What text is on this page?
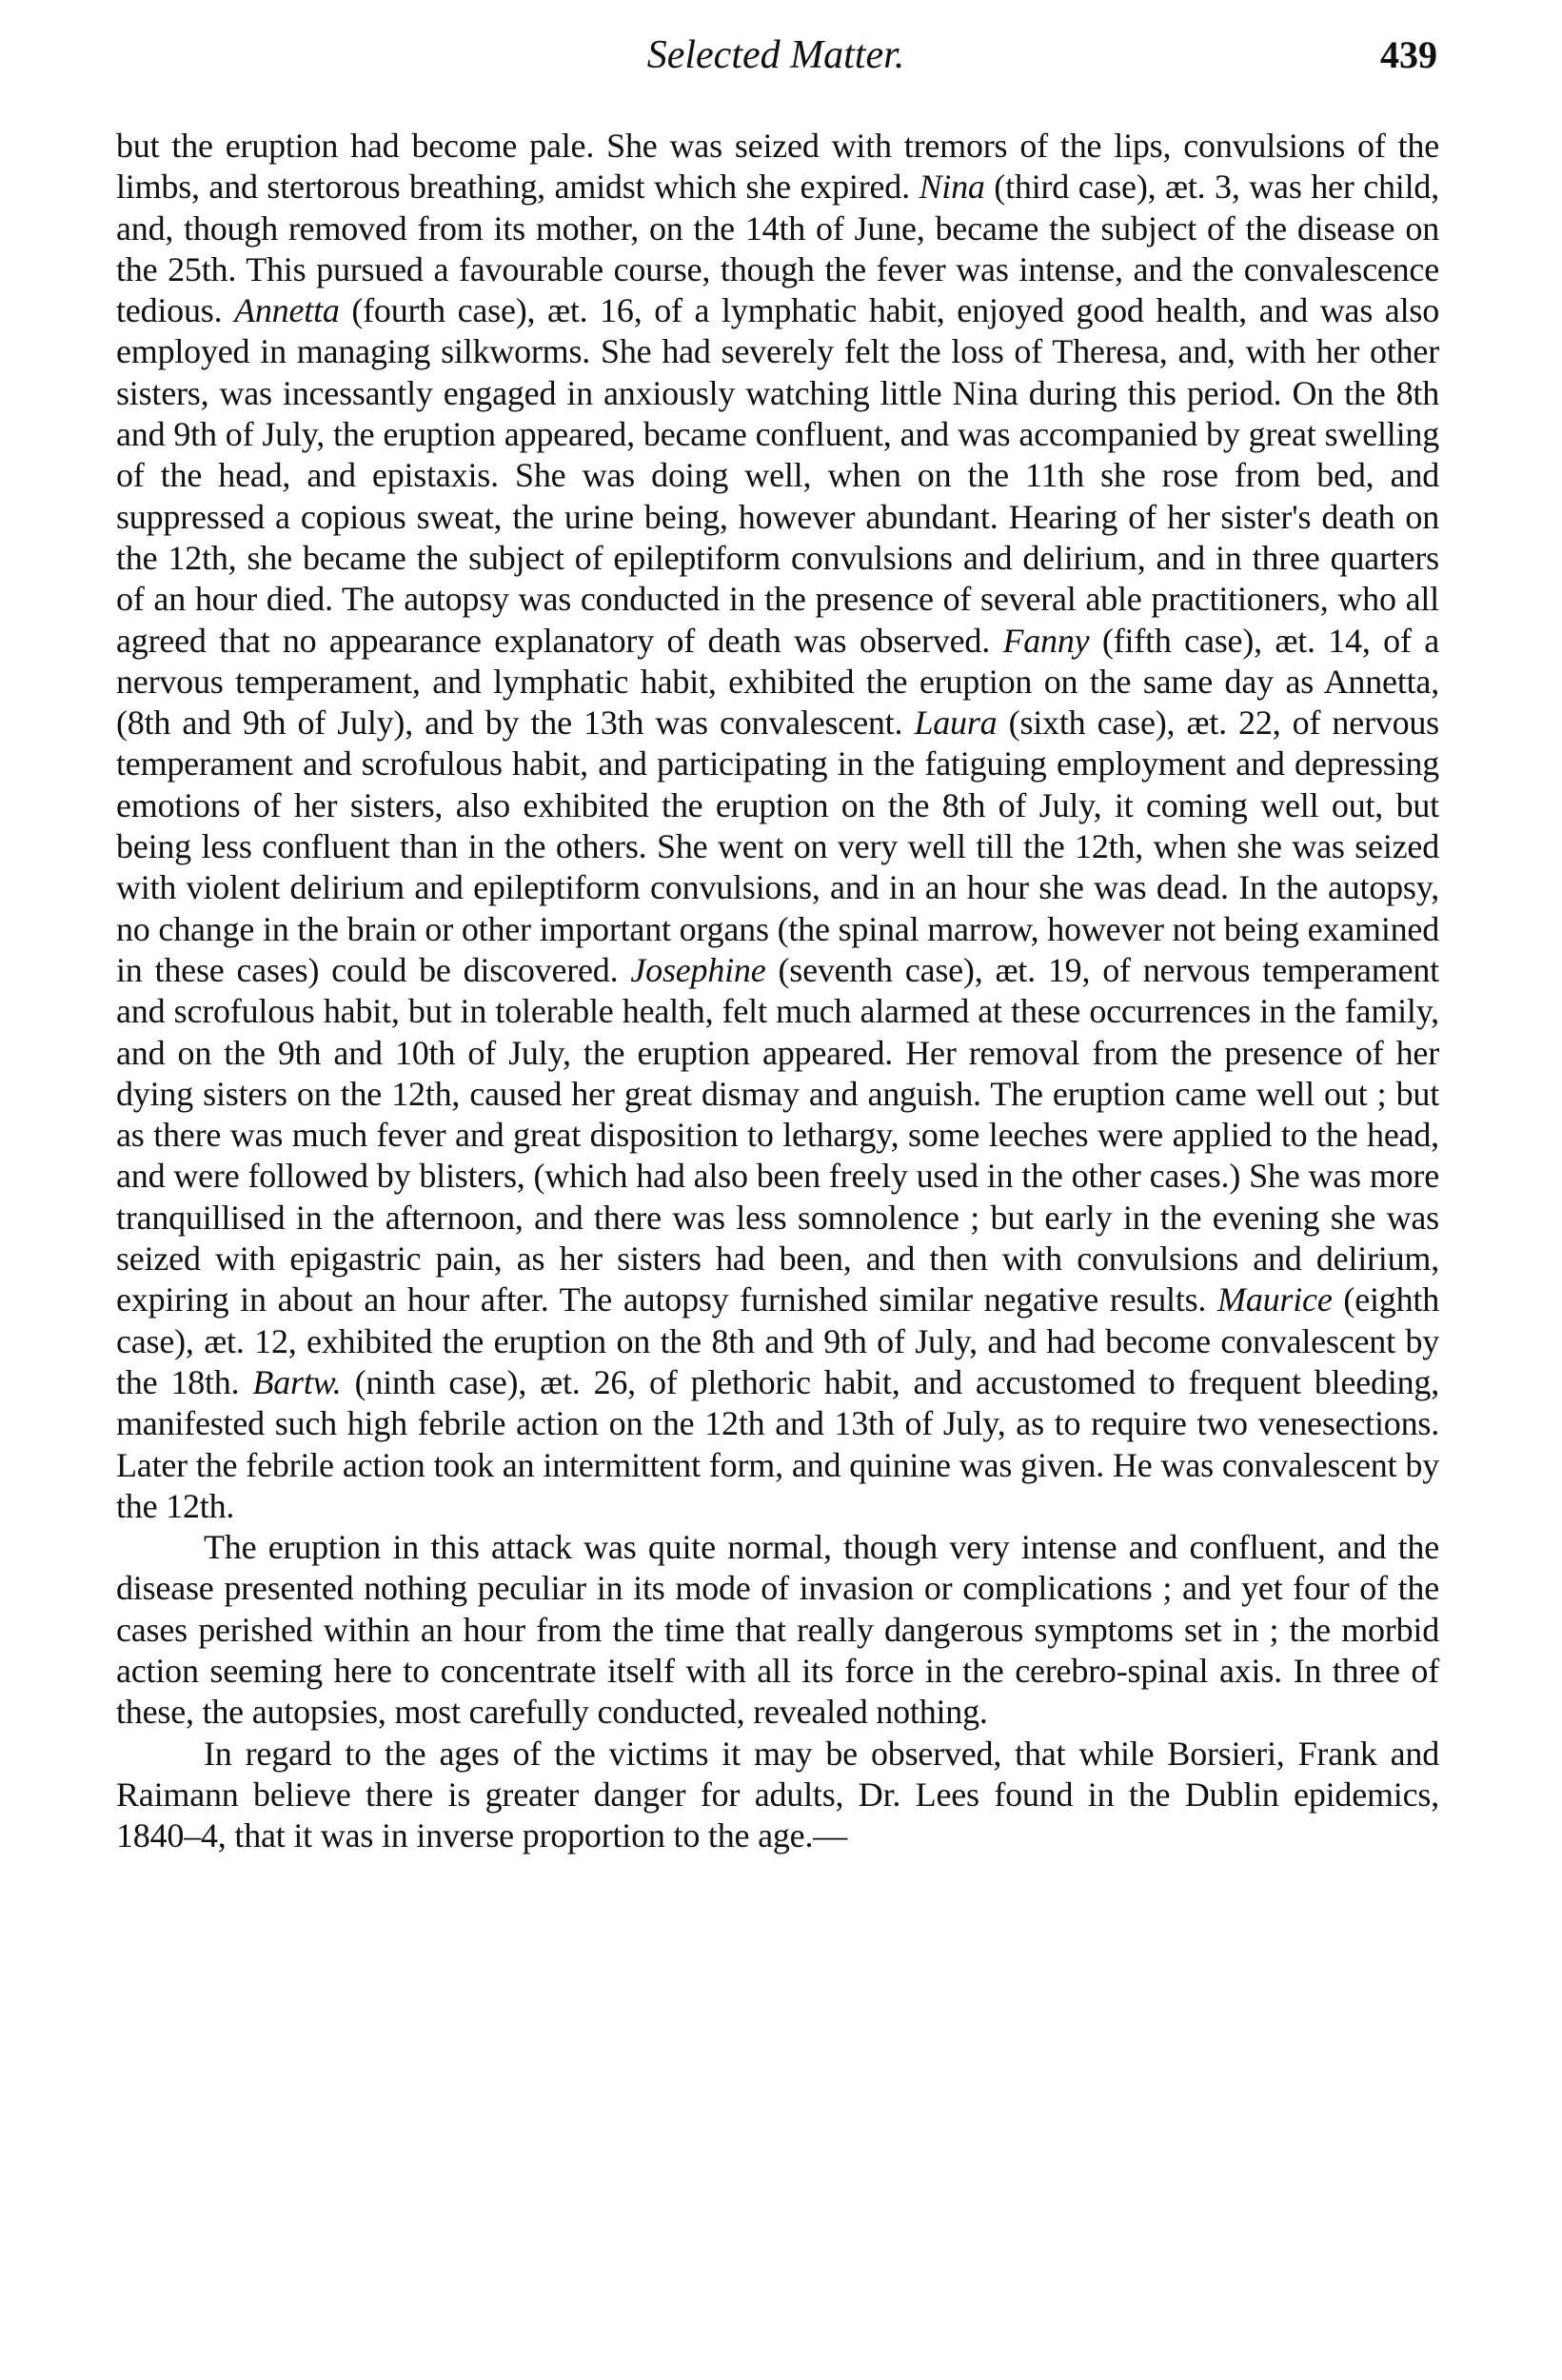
Selected Matter.	439

but the eruption had become pale. She was seized with tremors of the lips, convulsions of the limbs, and stertorous breathing, amidst which she expired. Nina (third case), æt. 3, was her child, and, though removed from its mother, on the 14th of June, became the subject of the disease on the 25th. This pursued a favourable course, though the fever was intense, and the convalescence tedious. Annetta (fourth case), æt. 16, of a lymphatic habit, enjoyed good health, and was also employed in managing silkworms. She had severely felt the loss of Theresa, and, with her other sisters, was incessantly engaged in anxiously watching little Nina during this period. On the 8th and 9th of July, the eruption appeared, became confluent, and was accompanied by great swelling of the head, and epistaxis. She was doing well, when on the 11th she rose from bed, and suppressed a copious sweat, the urine being, however abundant. Hearing of her sister's death on the 12th, she became the subject of epileptiform convulsions and delirium, and in three quarters of an hour died. The autopsy was conducted in the presence of several able practitioners, who all agreed that no appearance explanatory of death was observed. Fanny (fifth case), æt. 14, of a nervous temperament, and lymphatic habit, exhibited the eruption on the same day as Annetta, (8th and 9th of July), and by the 13th was convalescent. Laura (sixth case), æt. 22, of nervous temperament and scrofulous habit, and participating in the fatiguing employment and depressing emotions of her sisters, also exhibited the eruption on the 8th of July, it coming well out, but being less confluent than in the others. She went on very well till the 12th, when she was seized with violent delirium and epileptiform convulsions, and in an hour she was dead. In the autopsy, no change in the brain or other important organs (the spinal marrow, however not being examined in these cases) could be discovered. Josephine (seventh case), æt. 19, of nervous temperament and scrofulous habit, but in tolerable health, felt much alarmed at these occurrences in the family, and on the 9th and 10th of July, the eruption appeared. Her removal from the presence of her dying sisters on the 12th, caused her great dismay and anguish. The eruption came well out ; but as there was much fever and great disposition to lethargy, some leeches were applied to the head, and were followed by blisters, (which had also been freely used in the other cases.) She was more tranquillised in the afternoon, and there was less somnolence ; but early in the evening she was seized with epigastric pain, as her sisters had been, and then with convulsions and delirium, expiring in about an hour after. The autopsy furnished similar negative results. Maurice (eighth case), æt. 12, exhibited the eruption on the 8th and 9th of July, and had become convalescent by the 18th. Bartw. (ninth case), æt. 26, of plethoric habit, and accustomed to frequent bleeding, manifested such high febrile action on the 12th and 13th of July, as to require two venesections. Later the febrile action took an intermittent form, and quinine was given. He was convalescent by the 12th.

The eruption in this attack was quite normal, though very intense and confluent, and the disease presented nothing peculiar in its mode of invasion or complications ; and yet four of the cases perished within an hour from the time that really dangerous symptoms set in ; the morbid action seeming here to concentrate itself with all its force in the cerebro-spinal axis. In three of these, the autopsies, most carefully conducted, revealed nothing.

In regard to the ages of the victims it may be observed, that while Borsieri, Frank and Raimann believe there is greater danger for adults, Dr. Lees found in the Dublin epidemics, 1840–4, that it was in inverse proportion to the age.—
